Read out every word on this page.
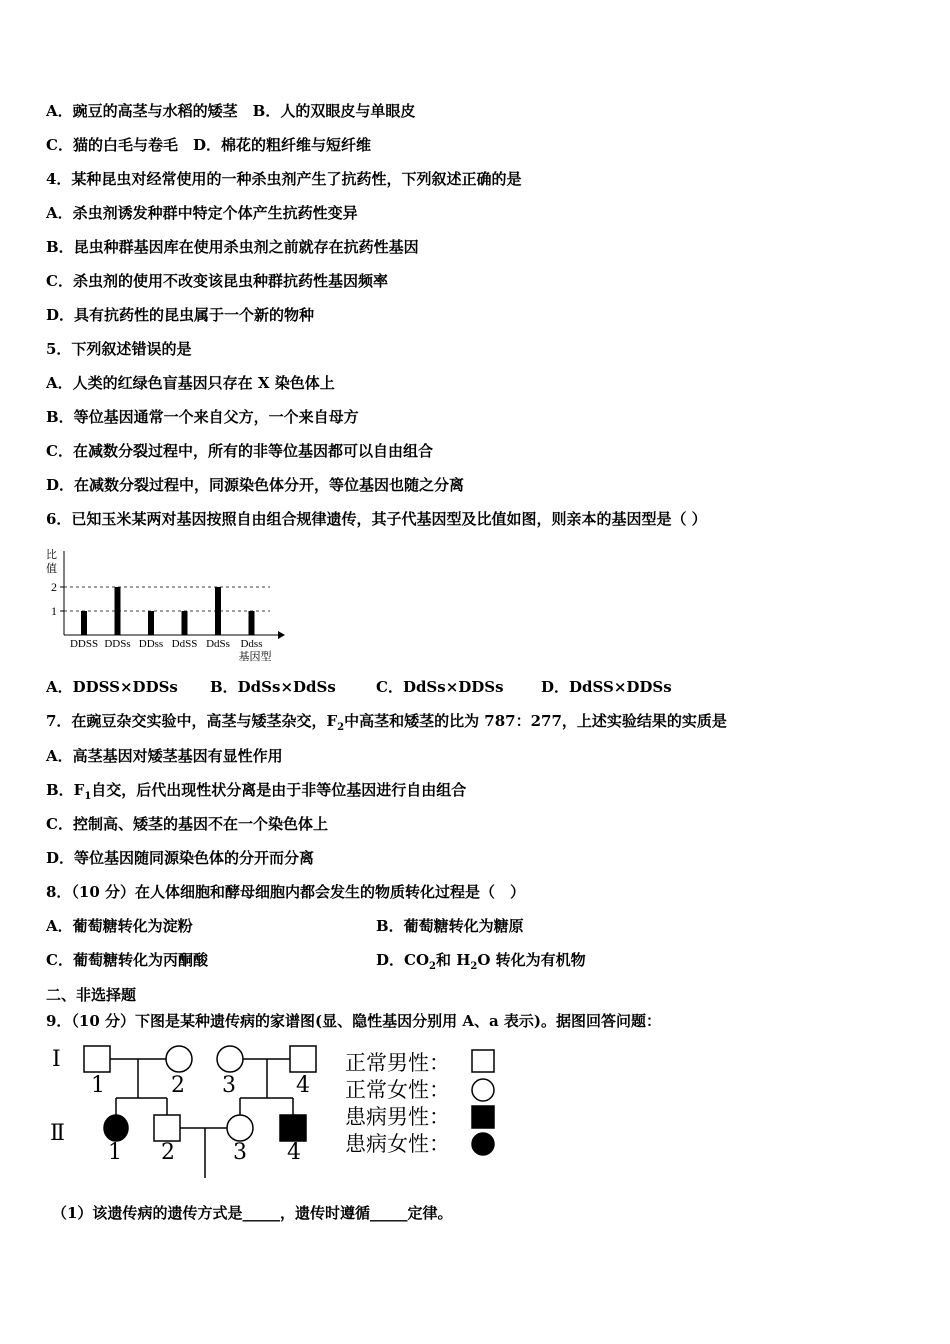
A．豌豆的高茎与水稻的矮茎　B．人的双眼皮与单眼皮
C．猫的白毛与卷毛　D．棉花的粗纤维与短纤维
4．某种昆虫对经常使用的一种杀虫剂产生了抗药性，下列叙述正确的是
A．杀虫剂诱发种群中特定个体产生抗药性变异
B．昆虫种群基因库在使用杀虫剂之前就存在抗药性基因
C．杀虫剂的使用不改变该昆虫种群抗药性基因频率
D．具有抗药性的昆虫属于一个新的物种
5．下列叙述错误的是
A．人类的红绿色盲基因只存在 X 染色体上
B．等位基因通常一个来自父方，一个来自母方
C．在减数分裂过程中，所有的非等位基因都可以自由组合
D．在减数分裂过程中，同源染色体分开，等位基因也随之分离
6．已知玉米某两对基因按照自由组合规律遗传，其子代基因型及比值如图，则亲本的基因型是（ ）
比
值
1
2
DDSS DDSs DDss DdSS DdSs Ddss
基因型
A．DDSS×DDSs B．DdSs×DdSs	C．DdSs×DDSs D．DdSS×DDSs
7．在豌豆杂交实验中，高茎与矮茎杂交，$F_2$中高茎和矮茎的比为 787：277，上述实验结果的实质是
A．高茎基因对矮茎基因有显性作用
B．$F_1$自交，后代出现性状分离是由于非等位基因进行自由组合
C．控制高、矮茎的基因不在一个染色体上
D．等位基因随同源染色体的分开而分离
8．（10 分）在人体细胞和酵母细胞内都会发生的物质转化过程是（　）
A．葡萄糖转化为淀粉	B．葡萄糖转化为糖原
C．葡萄糖转化为丙酮酸	D．$CO_2$和 $H_2O$ 转化为有机物
二、非选择题
9．（10 分）下图是某种遗传病的家谱图(显、隐性基因分别用 A、a 表示)。据图回答问题：
Ⅰ
Ⅱ
1	2 3	4
1 2	3 4
正常男性：
正常女性：
患病男性：
患病女性：
（1）该遗传病的遗传方式是_____，遗传时遵循_____定律。
